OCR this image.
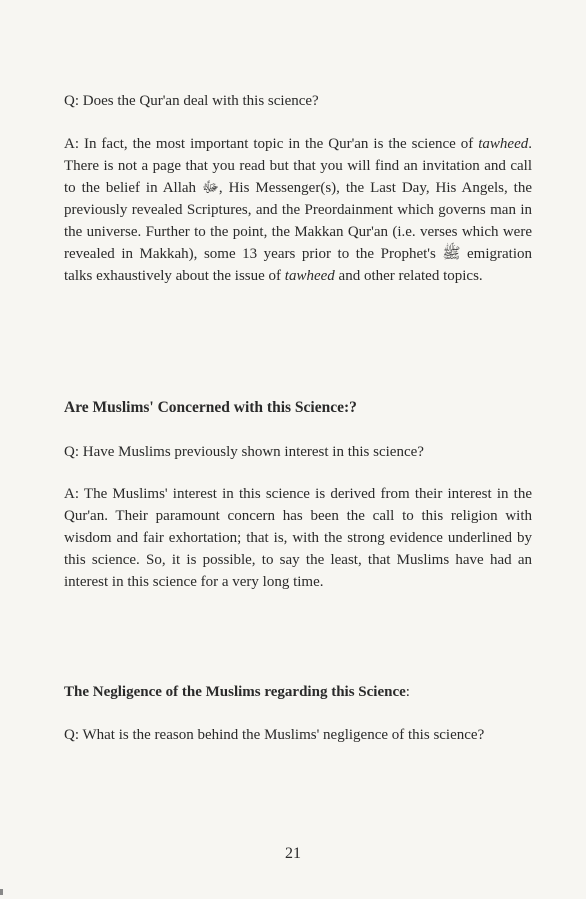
Q: Does the Qur'an deal with this science?

A: In fact, the most important topic in the Qur'an is the science of tawheed. There is not a page that you read but that you will find an invitation and call to the belief in Allah ﷻ, His Messenger(s), the Last Day, His Angels, the previously revealed Scriptures, and the Preordainment which governs man in the universe. Further to the point, the Makkan Qur'an (i.e. verses which were revealed in Makkah), some 13 years prior to the Prophet's ﷺ emigration talks exhaustively about the issue of tawheed and other related topics.

Are Muslims' Concerned with this Science:?

Q: Have Muslims previously shown interest in this science?

A: The Muslims' interest in this science is derived from their interest in the Qur'an. Their paramount concern has been the call to this religion with wisdom and fair exhortation; that is, with the strong evidence underlined by this science. So, it is possible, to say the least, that Muslims have had an interest in this science for a very long time.

The Negligence of the Muslims regarding this Science:

Q: What is the reason behind the Muslims' negligence of this science?

21
